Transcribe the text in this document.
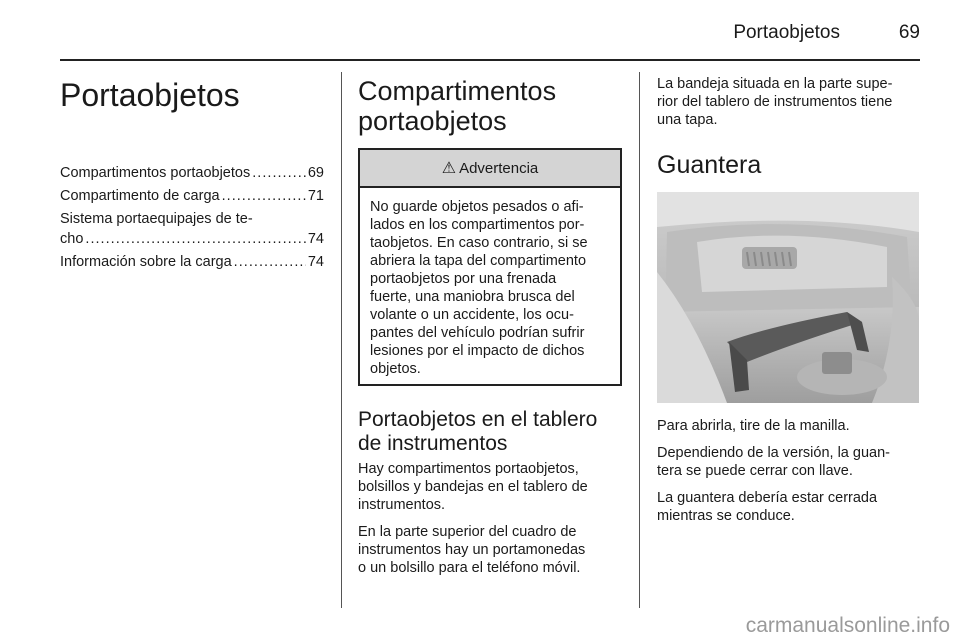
Portaobjetos	69
Portaobjetos
Compartimentos portaobjetos . . .	69
Compartimento de carga . . .	71
Sistema portaequipajes de te-
cho . . .	74
Información sobre la carga . . .	74
Compartimentos
portaobjetos
⚠ Advertencia
No guarde objetos pesados o afi-
lados en los compartimentos por-
taobjetos. En caso contrario, si se
abriera la tapa del compartimento
portaobjetos por una frenada
fuerte, una maniobra brusca del
volante o un accidente, los ocu-
pantes del vehículo podrían sufrir
lesiones por el impacto de dichos
objetos.
Portaobjetos en el tablero
de instrumentos

Hay compartimentos portaobjetos,
bolsillos y bandejas en el tablero de
instrumentos.

En la parte superior del cuadro de
instrumentos hay un portamonedas
o un bolsillo para el teléfono móvil.

La bandeja situada en la parte supe-
rior del tablero de instrumentos tiene
una tapa.

Guantera

Para abrirla, tire de la manilla.

Dependiendo de la versión, la guan-
tera se puede cerrar con llave.

La guantera debería estar cerrada
mientras se conduce.

carmanualsonline.info
